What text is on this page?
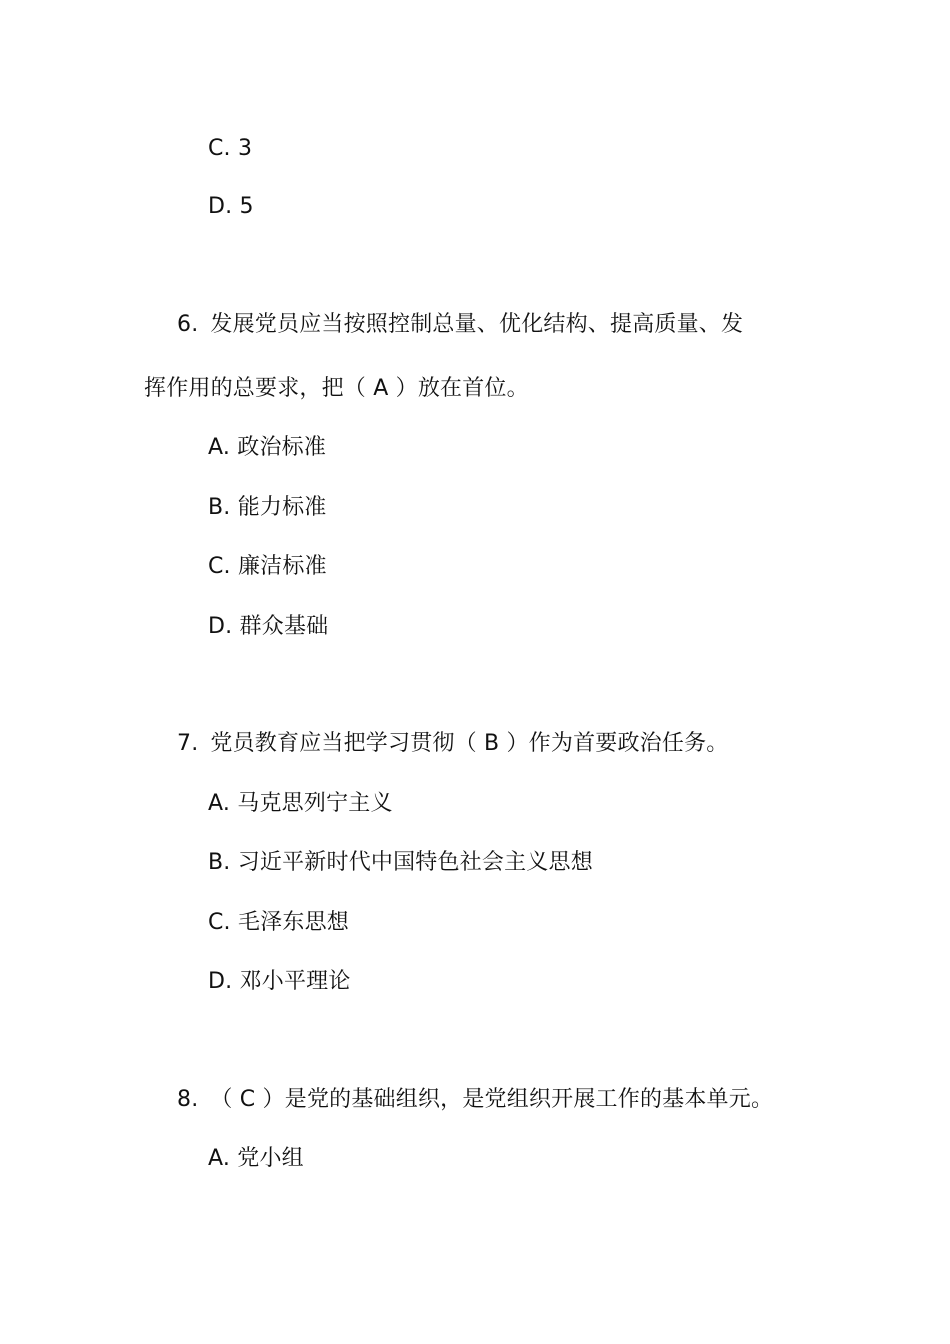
C. 3
D. 5
6. 发展党员应当按照控制总量、优化结构、提高质量、发
挥作用的总要求，把（ A ）放在首位。
A. 政治标准
B. 能力标准
C. 廉洁标准
D. 群众基础
7. 党员教育应当把学习贯彻（ B ）作为首要政治任务。
A. 马克思列宁主义
B. 习近平新时代中国特色社会主义思想
C. 毛泽东思想
D. 邓小平理论
8. （ C ）是党的基础组织，是党组织开展工作的基本单元。
A. 党小组
